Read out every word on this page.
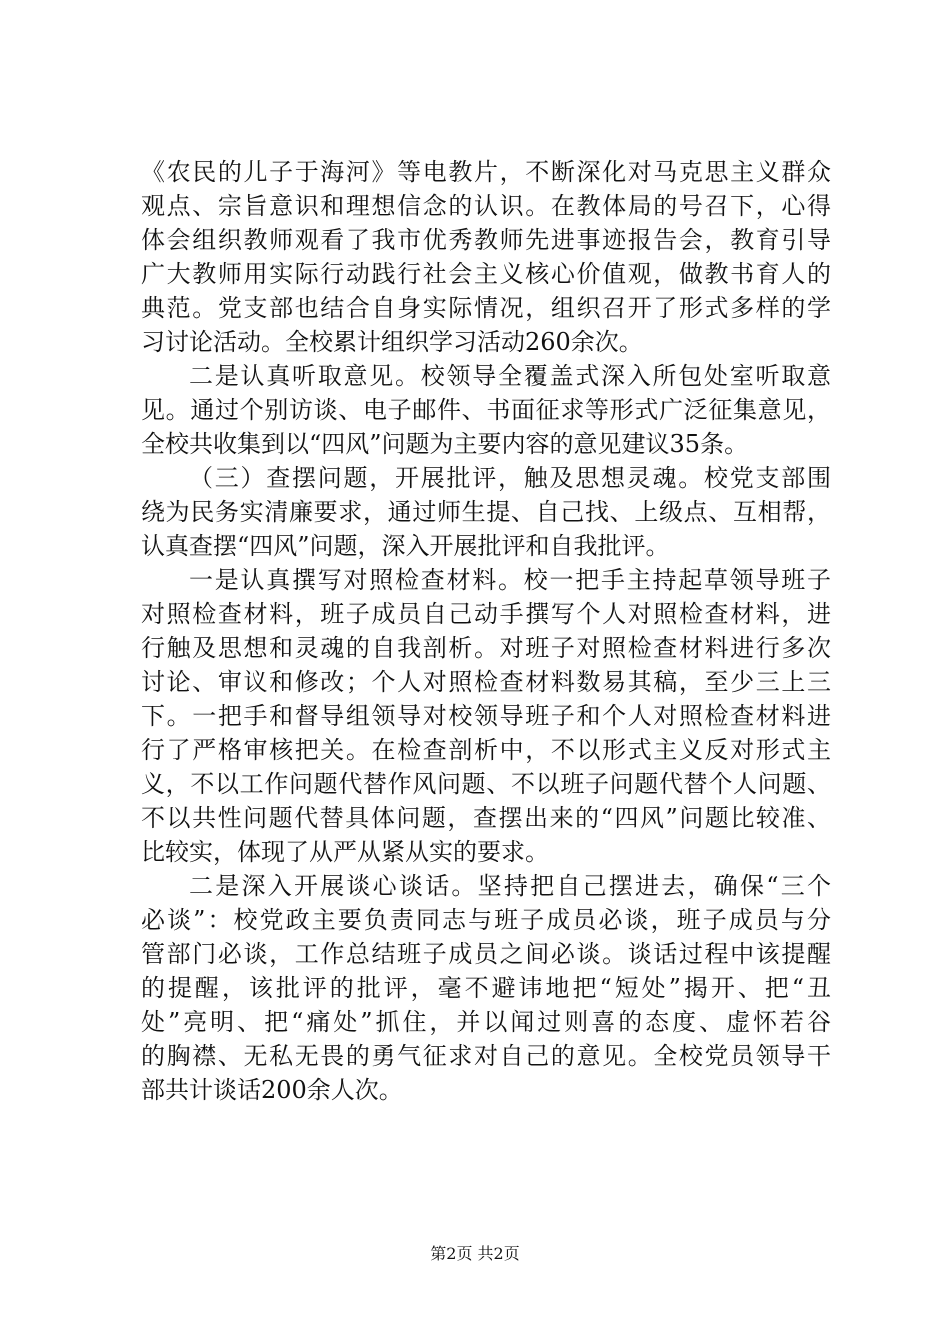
《农民的儿子于海河》等电教片，不断深化对马克思主义群众
观点、宗旨意识和理想信念的认识。在教体局的号召下，心得
体会组织教师观看了我市优秀教师先进事迹报告会，教育引导
广大教师用实际行动践行社会主义核心价值观，做教书育人的
典范。党支部也结合自身实际情况，组织召开了形式多样的学
习讨论活动。全校累计组织学习活动260余次。
二是认真听取意见。校领导全覆盖式深入所包处室听取意
见。通过个别访谈、电子邮件、书面征求等形式广泛征集意见，
全校共收集到以“四风”问题为主要内容的意见建议35条。
（三）查摆问题，开展批评，触及思想灵魂。校党支部围
绕为民务实清廉要求，通过师生提、自己找、上级点、互相帮，
认真查摆“四风”问题，深入开展批评和自我批评。
一是认真撰写对照检查材料。校一把手主持起草领导班子
对照检查材料，班子成员自己动手撰写个人对照检查材料，进
行触及思想和灵魂的自我剖析。对班子对照检查材料进行多次
讨论、审议和修改；个人对照检查材料数易其稿，至少三上三
下。一把手和督导组领导对校领导班子和个人对照检查材料进
行了严格审核把关。在检查剖析中，不以形式主义反对形式主
义，不以工作问题代替作风问题、不以班子问题代替个人问题、
不以共性问题代替具体问题，查摆出来的“四风”问题比较准、
比较实，体现了从严从紧从实的要求。
二是深入开展谈心谈话。坚持把自己摆进去，确保“三个
必谈”：校党政主要负责同志与班子成员必谈，班子成员与分
管部门必谈，工作总结班子成员之间必谈。谈话过程中该提醒
的提醒，该批评的批评，毫不避讳地把“短处”揭开、把“丑
处”亮明、把“痛处”抓住，并以闻过则喜的态度、虚怀若谷
的胸襟、无私无畏的勇气征求对自己的意见。全校党员领导干
部共计谈话200余人次。
第2页 共2页
